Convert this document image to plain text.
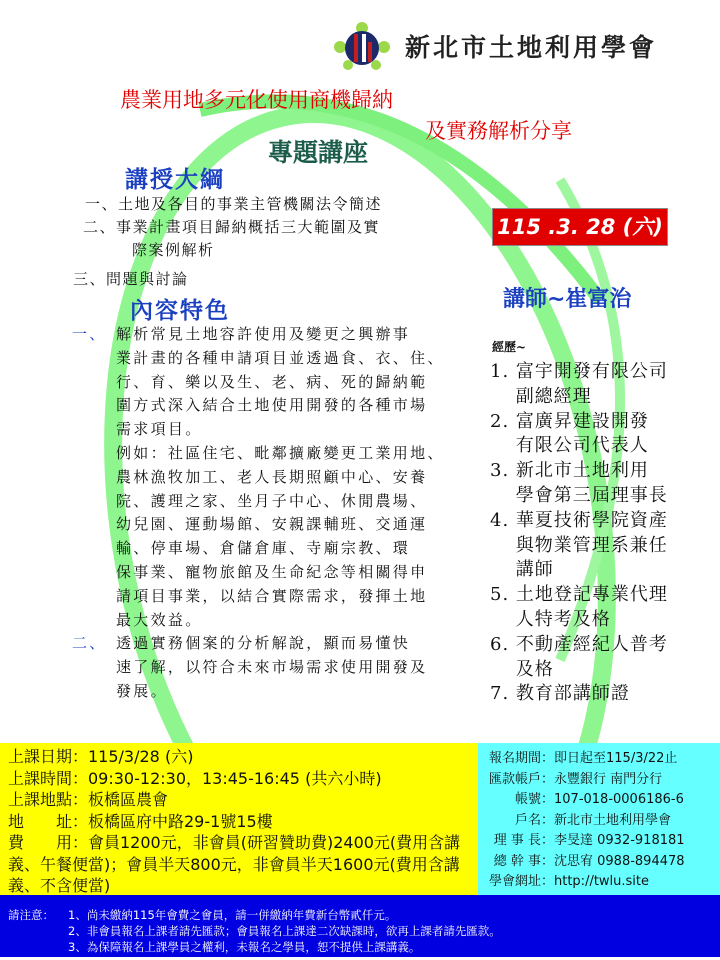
新北市土地利用學會
農業用地多元化使用商機歸納
及實務解析分享
專題講座
講授大綱
一、土地及各目的事業主管機關法令簡述
二、事業計畫項目歸納概括三大範圍及實
　　際案例解析
三、問題與討論
內容特色
一、 解析常見土地容許使用及變更之興辦事
業計畫的各種申請項目並透過食、衣、住、
行、育、樂以及生、老、病、死的歸納範
圍方式深入結合土地使用開發的各種市場
需求項目。
例如：社區住宅、毗鄰擴廠變更工業用地、
農林漁牧加工、老人長期照顧中心、安養
院、護理之家、坐月子中心、休閒農場、
幼兒園、運動場館、安親課輔班、交通運
輸、停車場、倉儲倉庫、寺廟宗教、環
保事業、寵物旅館及生命紀念等相關得申
請項目事業，以結合實際需求，發揮土地
最大效益。
二、 透過實務個案的分析解說，顯而易懂快
速了解，以符合未來市場需求使用開發及
發展。
115 .3. 28 (六)
講師~崔富治
經歷~
1. 富宇開發有限公司
　 副總經理
2. 富廣昇建設開發
　 有限公司代表人
3. 新北市土地利用
　 學會第三屆理事長
4. 華夏技術學院資產
　 與物業管理系兼任
　 講師
5. 土地登記專業代理
　 人特考及格
6. 不動產經紀人普考
　 及格
7. 教育部講師證
上課日期：115/3/28 (六)
上課時間：09:30-12:30，13:45-16:45 (共六小時)
上課地點：板橋區農會
地　　址：板橋區府中路29-1號15樓
費　　用：會員1200元，非會員(研習贊助費)2400元(費用含講義、午餐便當)；會員半天800元，非會員半天1600元(費用含講義、不含便當)
報名期間：即日起至115/3/22止
匯款帳戶：永豐銀行 南門分行
帳號：107-018-0006186-6
戶名：新北市土地利用學會
理 事 長：李旻達 0932-918181
總 幹 事：沈思宥 0988-894478
學會網址：http://twlu.site
請注意：	1、尚未繳納115年會費之會員，請一併繳納年費新台幣貳仟元。
2、非會員報名上課者請先匯款；會員報名上課達二次缺課時，欲再上課者請先匯款。
3、為保障報名上課學員之權利，未報名之學員，恕不提供上課講義。
